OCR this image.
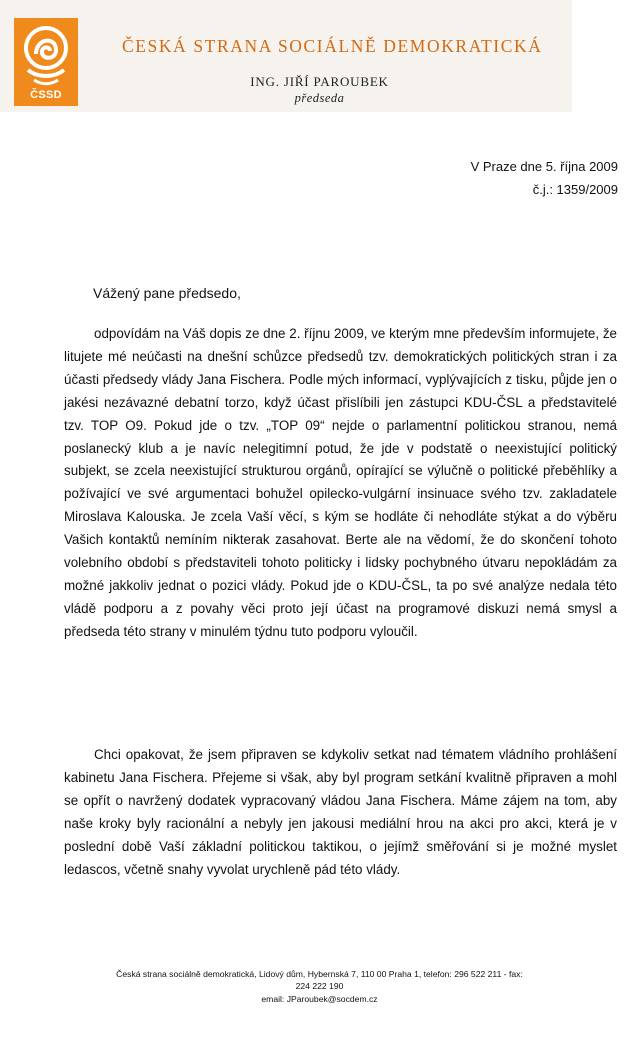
ČSSD
ČESKÁ STRANA SOCIÁLNĚ DEMOKRATICKÁ
ING. JIŘÍ PAROUBEK
předseda
V Praze dne 5. října 2009
č.j.: 1359/2009
Vážený pane předsedo,

odpovídám na Váš dopis ze dne 2. říjnu 2009, ve kterým mne především informujete, že litujete mé neúčasti na dnešní schůzce předsedů tzv. demokratických politických stran i za účasti předsedy vlády Jana Fischera. Podle mých informací, vyplývajících z tisku, půjde jen o jakési nezávazné debatní torzo, když účast přislíbili jen zástupci KDU-ČSL a představitelé tzv. TOP O9. Pokud jde o tzv. „TOP 09“ nejde o parlamentní politickou stranou, nemá poslanecký klub a je navíc nelegitimní potud, že jde v podstatě o neexistující politický subjekt, se zcela neexistující strukturou orgánů, opírající se výlučně o politické přeběhlíky a požívající ve své argumentaci bohužel opilecko-vulgární insinuace svého tzv. zakladatele Miroslava Kalouska. Je zcela Vaší věcí, s kým se hodláte či nehodláte stýkat a do výběru Vašich kontaktů nemíním nikterak zasahovat. Berte ale na vědomí, že do skončení tohoto volebního období s představiteli tohoto politicky i lidsky pochybného útvaru nepokládám za možné jakkoliv jednat o pozici vlády. Pokud jde o KDU-ČSL, ta po své analýze nedala této vládě podporu a z povahy věci proto její účast na programové diskuzi nemá smysl a předseda této strany v minulém týdnu tuto podporu vyloučil.

Chci opakovat, že jsem připraven se kdykoliv setkat nad tématem vládního prohlášení kabinetu Jana Fischera. Přejeme si však, aby byl program setkání kvalitně připraven a mohl se opřít o navržený dodatek vypracovaný vládou Jana Fischera. Máme zájem na tom, aby naše kroky byly racionální a nebyly jen jakousi mediální hrou na akci pro akci, která je v poslední době Vaší základní politickou taktikou, o jejímž směřování si je možné myslet ledascos, včetně snahy vyvolat urychleně pád této vlády.

Česká strana sociálně demokratická, Lidový dům, Hybernská 7, 110 00 Praha 1, telefon: 296 522 211 - fax:
224 222 190
email: JParoubek@socdem.cz
